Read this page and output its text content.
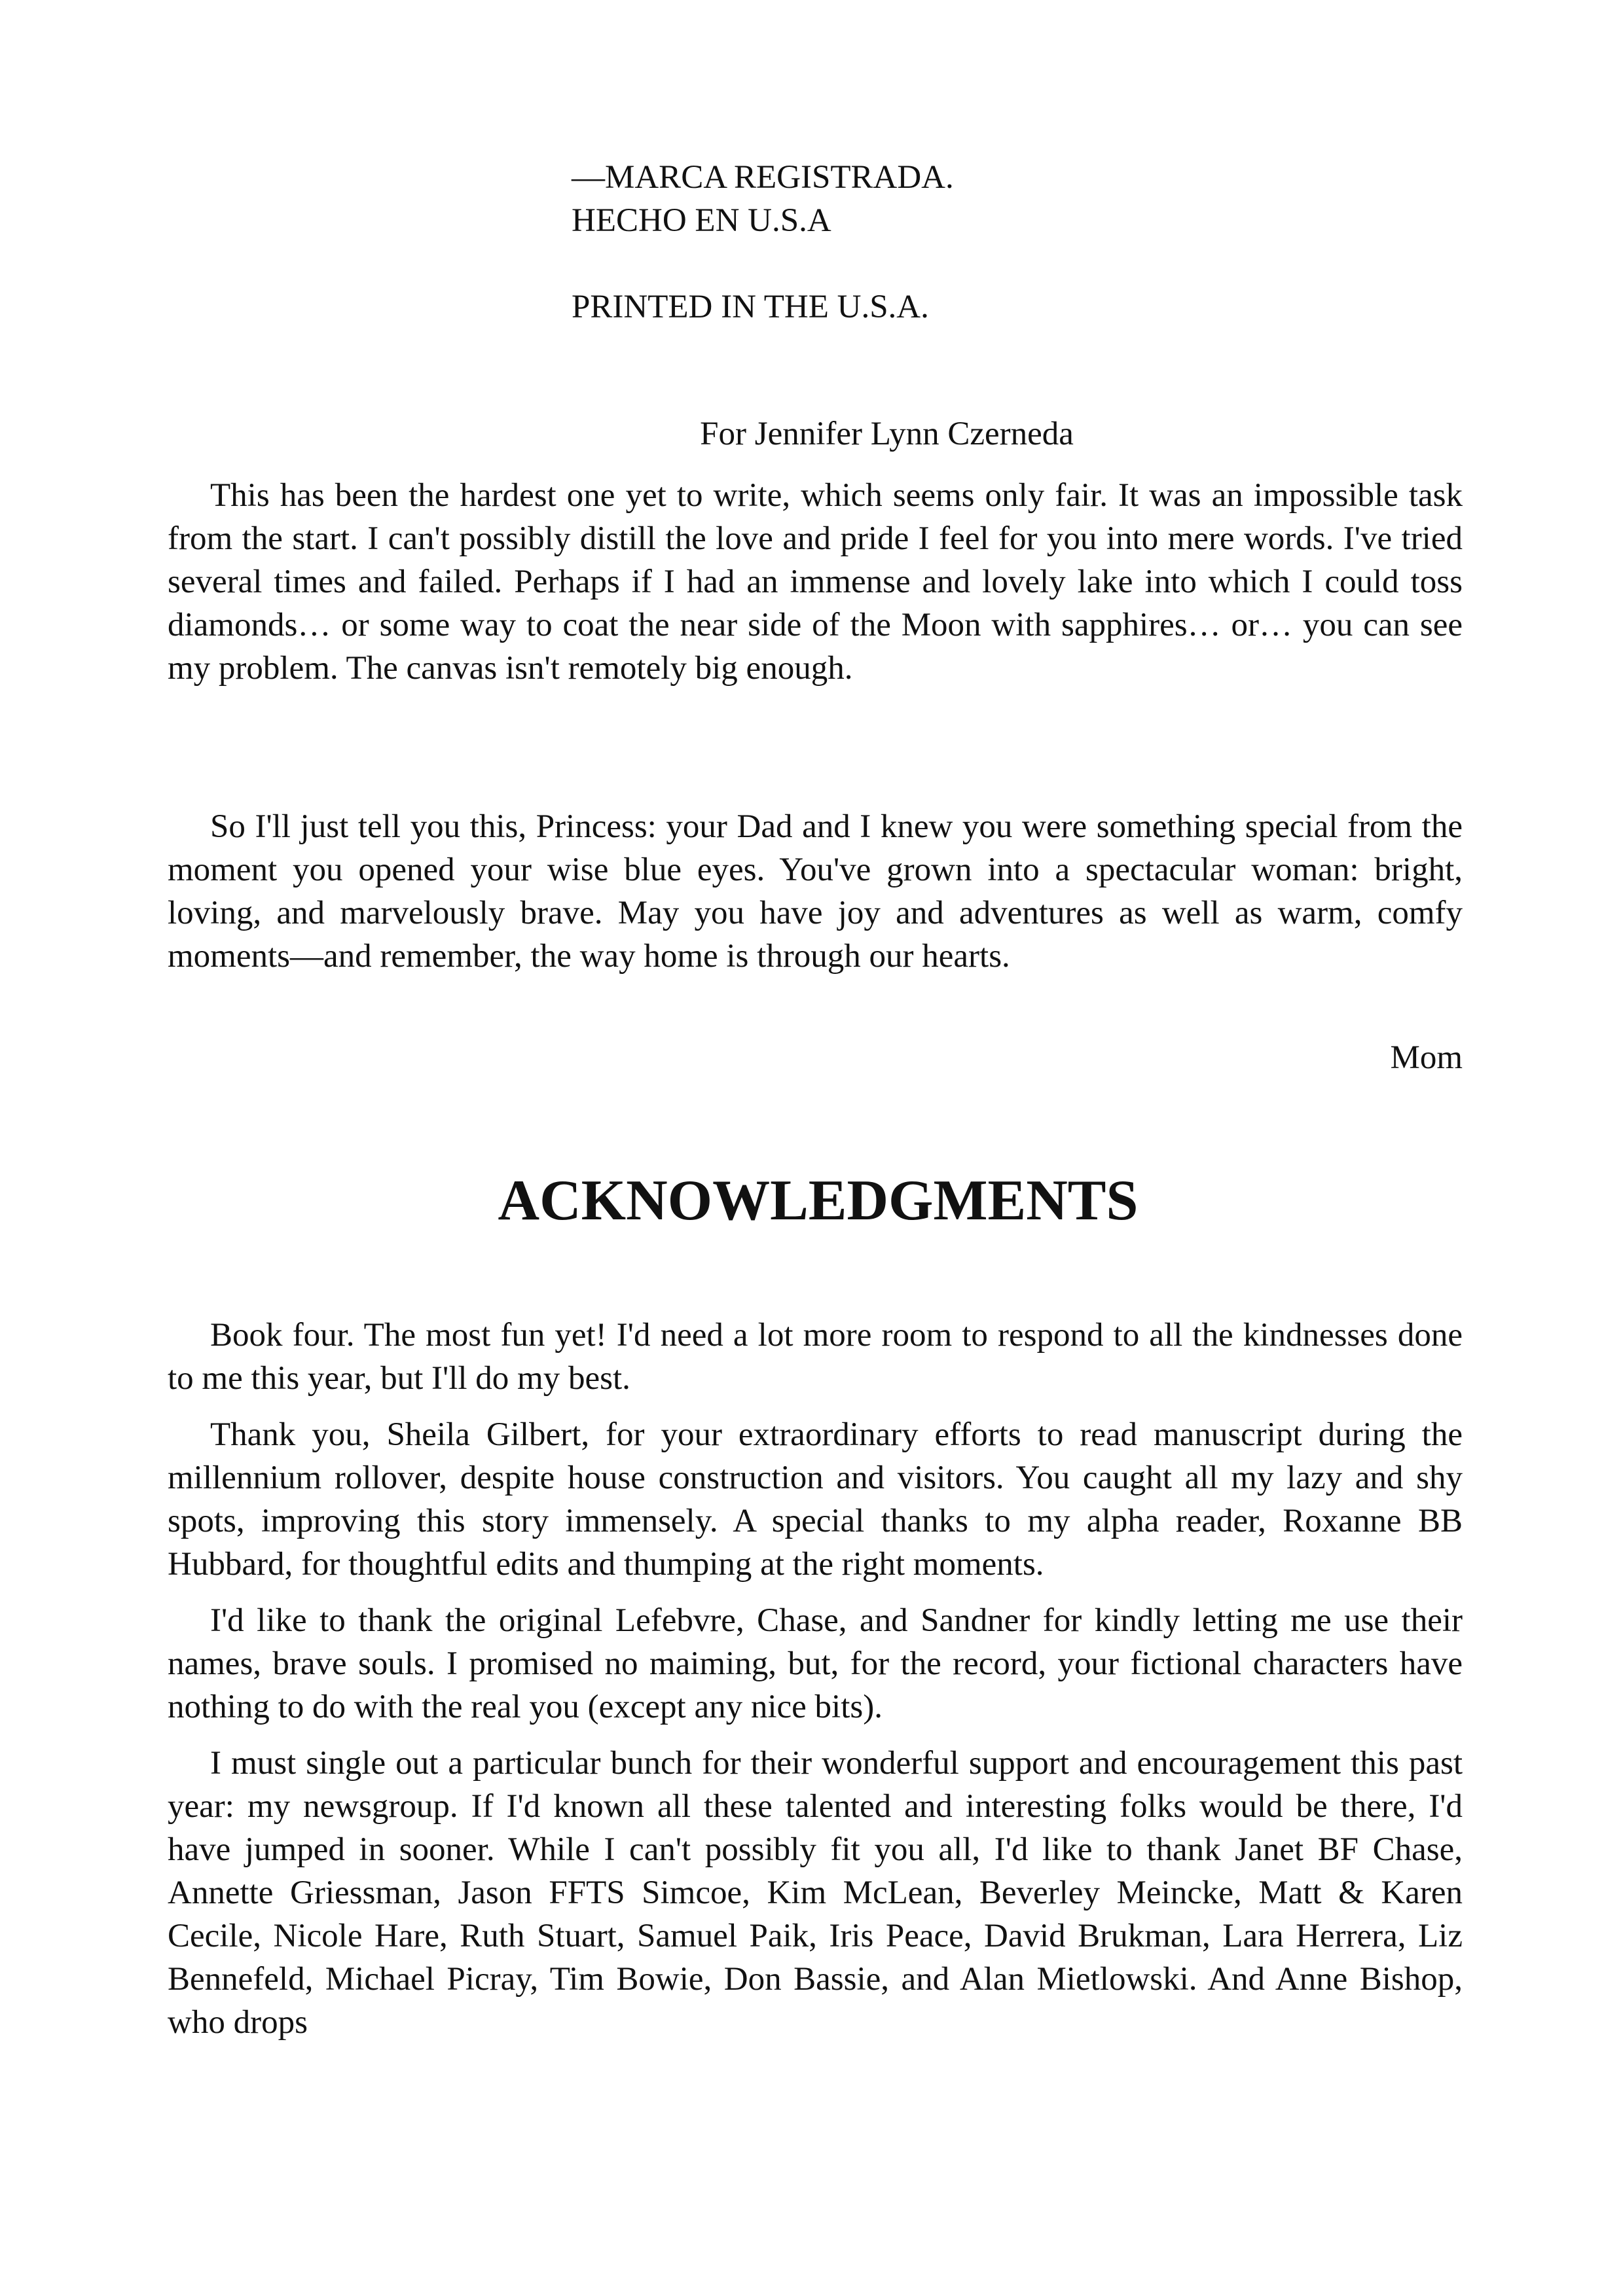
—MARCA REGISTRADA.
HECHO EN U.S.A
PRINTED IN THE U.S.A.
For Jennifer Lynn Czerneda

This has been the hardest one yet to write, which seems only fair. It was an impossible task from the start. I can't possibly distill the love and pride I feel for you into mere words. I've tried several times and failed. Perhaps if I had an immense and lovely lake into which I could toss diamonds… or some way to coat the near side of the Moon with sapphires… or… you can see my problem. The canvas isn't remotely big enough.

So I'll just tell you this, Princess: your Dad and I knew you were something special from the moment you opened your wise blue eyes. You've grown into a spectacular woman: bright, loving, and marvelously brave. May you have joy and adventures as well as warm, comfy moments—and remember, the way home is through our hearts.

Mom
ACKNOWLEDGMENTS

Book four. The most fun yet! I'd need a lot more room to respond to all the kindnesses done to me this year, but I'll do my best.

Thank you, Sheila Gilbert, for your extraordinary efforts to read manuscript during the millennium rollover, despite house construction and visitors. You caught all my lazy and shy spots, improving this story immensely. A special thanks to my alpha reader, Roxanne BB Hubbard, for thoughtful edits and thumping at the right moments.

I'd like to thank the original Lefebvre, Chase, and Sandner for kindly letting me use their names, brave souls. I promised no maiming, but, for the record, your fictional characters have nothing to do with the real you (except any nice bits).

I must single out a particular bunch for their wonderful support and encouragement this past year: my newsgroup. If I'd known all these talented and interesting folks would be there, I'd have jumped in sooner. While I can't possibly fit you all, I'd like to thank Janet BF Chase, Annette Griessman, Jason FFTS Simcoe, Kim McLean, Beverley Meincke, Matt & Karen Cecile, Nicole Hare, Ruth Stuart, Samuel Paik, Iris Peace, David Brukman, Lara Herrera, Liz Bennefeld, Michael Picray, Tim Bowie, Don Bassie, and Alan Mietlowski. And Anne Bishop, who drops
